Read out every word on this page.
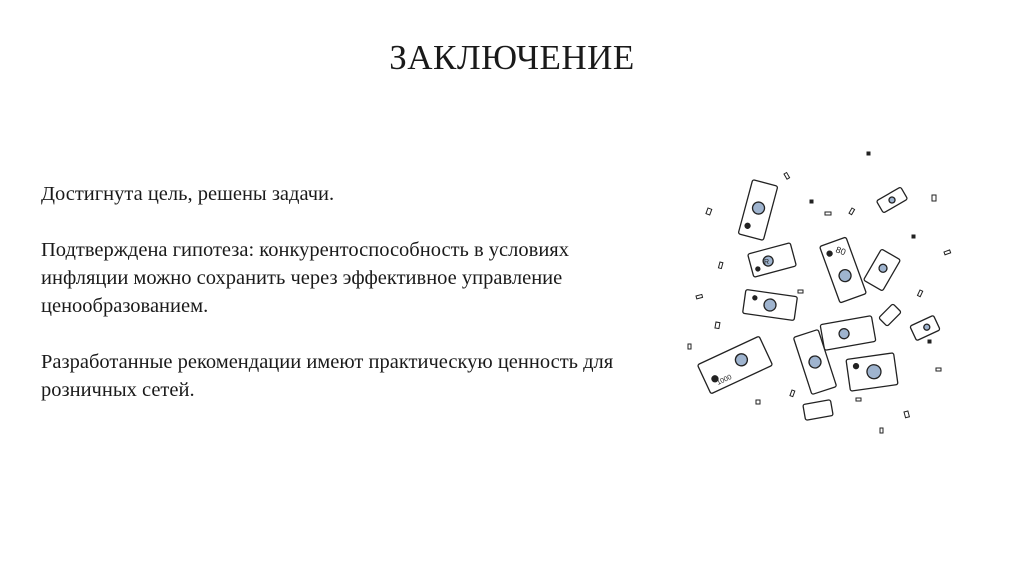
ЗАКЛЮЧЕНИЕ

Достигнута цель, решены задачи.

Подтверждена гипотеза: конкурентоспособность в условиях инфляции можно сохранить через эффективное управление ценообразованием.

Разработанные рекомендации имеют практическую ценность для розничных сетей.

80
1000
R
